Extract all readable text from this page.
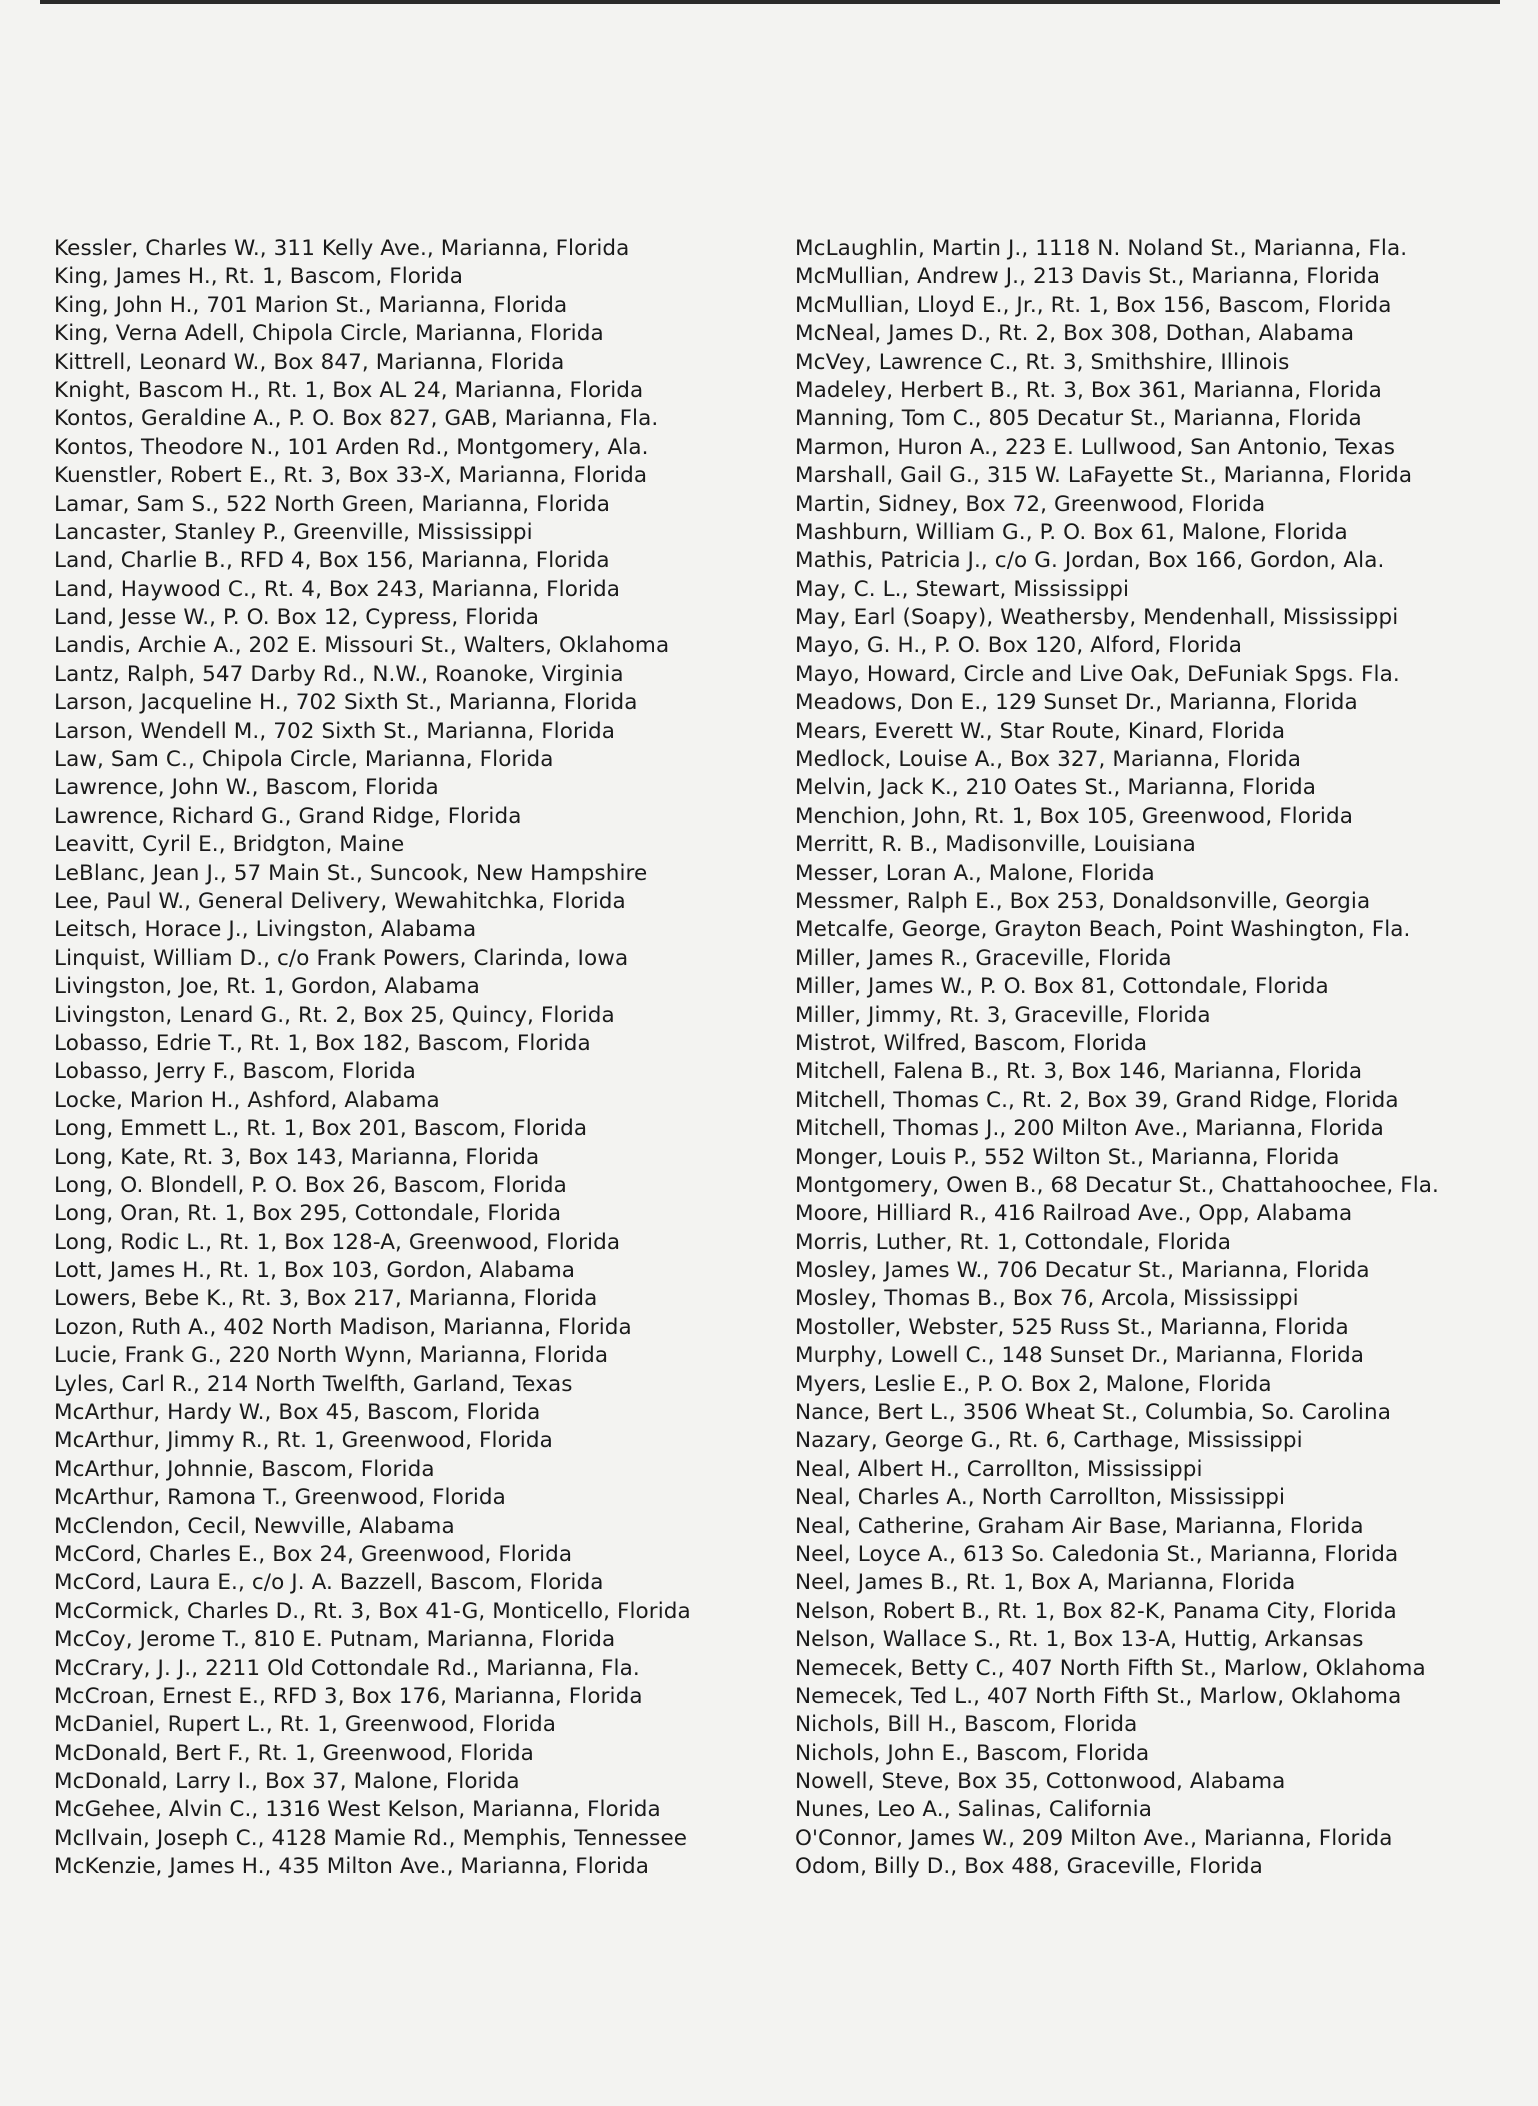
Kessler, Charles W., 311 Kelly Ave., Marianna, Florida
King, James H., Rt. 1, Bascom, Florida
King, John H., 701 Marion St., Marianna, Florida
King, Verna Adell, Chipola Circle, Marianna, Florida
Kittrell, Leonard W., Box 847, Marianna, Florida
Knight, Bascom H., Rt. 1, Box AL 24, Marianna, Florida
Kontos, Geraldine A., P. O. Box 827, GAB, Marianna, Fla.
Kontos, Theodore N., 101 Arden Rd., Montgomery, Ala.
Kuenstler, Robert E., Rt. 3, Box 33-X, Marianna, Florida
Lamar, Sam S., 522 North Green, Marianna, Florida
Lancaster, Stanley P., Greenville, Mississippi
Land, Charlie B., RFD 4, Box 156, Marianna, Florida
Land, Haywood C., Rt. 4, Box 243, Marianna, Florida
Land, Jesse W., P. O. Box 12, Cypress, Florida
Landis, Archie A., 202 E. Missouri St., Walters, Oklahoma
Lantz, Ralph, 547 Darby Rd., N.W., Roanoke, Virginia
Larson, Jacqueline H., 702 Sixth St., Marianna, Florida
Larson, Wendell M., 702 Sixth St., Marianna, Florida
Law, Sam C., Chipola Circle, Marianna, Florida
Lawrence, John W., Bascom, Florida
Lawrence, Richard G., Grand Ridge, Florida
Leavitt, Cyril E., Bridgton, Maine
LeBlanc, Jean J., 57 Main St., Suncook, New Hampshire
Lee, Paul W., General Delivery, Wewahitchka, Florida
Leitsch, Horace J., Livingston, Alabama
Linquist, William D., c/o Frank Powers, Clarinda, Iowa
Livingston, Joe, Rt. 1, Gordon, Alabama
Livingston, Lenard G., Rt. 2, Box 25, Quincy, Florida
Lobasso, Edrie T., Rt. 1, Box 182, Bascom, Florida
Lobasso, Jerry F., Bascom, Florida
Locke, Marion H., Ashford, Alabama
Long, Emmett L., Rt. 1, Box 201, Bascom, Florida
Long, Kate, Rt. 3, Box 143, Marianna, Florida
Long, O. Blondell, P. O. Box 26, Bascom, Florida
Long, Oran, Rt. 1, Box 295, Cottondale, Florida
Long, Rodic L., Rt. 1, Box 128-A, Greenwood, Florida
Lott, James H., Rt. 1, Box 103, Gordon, Alabama
Lowers, Bebe K., Rt. 3, Box 217, Marianna, Florida
Lozon, Ruth A., 402 North Madison, Marianna, Florida
Lucie, Frank G., 220 North Wynn, Marianna, Florida
Lyles, Carl R., 214 North Twelfth, Garland, Texas
McArthur, Hardy W., Box 45, Bascom, Florida
McArthur, Jimmy R., Rt. 1, Greenwood, Florida
McArthur, Johnnie, Bascom, Florida
McArthur, Ramona T., Greenwood, Florida
McClendon, Cecil, Newville, Alabama
McCord, Charles E., Box 24, Greenwood, Florida
McCord, Laura E., c/o J. A. Bazzell, Bascom, Florida
McCormick, Charles D., Rt. 3, Box 41-G, Monticello, Florida
McCoy, Jerome T., 810 E. Putnam, Marianna, Florida
McCrary, J. J., 2211 Old Cottondale Rd., Marianna, Fla.
McCroan, Ernest E., RFD 3, Box 176, Marianna, Florida
McDaniel, Rupert L., Rt. 1, Greenwood, Florida
McDonald, Bert F., Rt. 1, Greenwood, Florida
McDonald, Larry I., Box 37, Malone, Florida
McGehee, Alvin C., 1316 West Kelson, Marianna, Florida
McIlvain, Joseph C., 4128 Mamie Rd., Memphis, Tennessee
McKenzie, James H., 435 Milton Ave., Marianna, Florida
McLaughlin, Martin J., 1118 N. Noland St., Marianna, Fla.
McMullian, Andrew J., 213 Davis St., Marianna, Florida
McMullian, Lloyd E., Jr., Rt. 1, Box 156, Bascom, Florida
McNeal, James D., Rt. 2, Box 308, Dothan, Alabama
McVey, Lawrence C., Rt. 3, Smithshire, Illinois
Madeley, Herbert B., Rt. 3, Box 361, Marianna, Florida
Manning, Tom C., 805 Decatur St., Marianna, Florida
Marmon, Huron A., 223 E. Lullwood, San Antonio, Texas
Marshall, Gail G., 315 W. LaFayette St., Marianna, Florida
Martin, Sidney, Box 72, Greenwood, Florida
Mashburn, William G., P. O. Box 61, Malone, Florida
Mathis, Patricia J., c/o G. Jordan, Box 166, Gordon, Ala.
May, C. L., Stewart, Mississippi
May, Earl (Soapy), Weathersby, Mendenhall, Mississippi
Mayo, G. H., P. O. Box 120, Alford, Florida
Mayo, Howard, Circle and Live Oak, DeFuniak Spgs. Fla.
Meadows, Don E., 129 Sunset Dr., Marianna, Florida
Mears, Everett W., Star Route, Kinard, Florida
Medlock, Louise A., Box 327, Marianna, Florida
Melvin, Jack K., 210 Oates St., Marianna, Florida
Menchion, John, Rt. 1, Box 105, Greenwood, Florida
Merritt, R. B., Madisonville, Louisiana
Messer, Loran A., Malone, Florida
Messmer, Ralph E., Box 253, Donaldsonville, Georgia
Metcalfe, George, Grayton Beach, Point Washington, Fla.
Miller, James R., Graceville, Florida
Miller, James W., P. O. Box 81, Cottondale, Florida
Miller, Jimmy, Rt. 3, Graceville, Florida
Mistrot, Wilfred, Bascom, Florida
Mitchell, Falena B., Rt. 3, Box 146, Marianna, Florida
Mitchell, Thomas C., Rt. 2, Box 39, Grand Ridge, Florida
Mitchell, Thomas J., 200 Milton Ave., Marianna, Florida
Monger, Louis P., 552 Wilton St., Marianna, Florida
Montgomery, Owen B., 68 Decatur St., Chattahoochee, Fla.
Moore, Hilliard R., 416 Railroad Ave., Opp, Alabama
Morris, Luther, Rt. 1, Cottondale, Florida
Mosley, James W., 706 Decatur St., Marianna, Florida
Mosley, Thomas B., Box 76, Arcola, Mississippi
Mostoller, Webster, 525 Russ St., Marianna, Florida
Murphy, Lowell C., 148 Sunset Dr., Marianna, Florida
Myers, Leslie E., P. O. Box 2, Malone, Florida
Nance, Bert L., 3506 Wheat St., Columbia, So. Carolina
Nazary, George G., Rt. 6, Carthage, Mississippi
Neal, Albert H., Carrollton, Mississippi
Neal, Charles A., North Carrollton, Mississippi
Neal, Catherine, Graham Air Base, Marianna, Florida
Neel, Loyce A., 613 So. Caledonia St., Marianna, Florida
Neel, James B., Rt. 1, Box A, Marianna, Florida
Nelson, Robert B., Rt. 1, Box 82-K, Panama City, Florida
Nelson, Wallace S., Rt. 1, Box 13-A, Huttig, Arkansas
Nemecek, Betty C., 407 North Fifth St., Marlow, Oklahoma
Nemecek, Ted L., 407 North Fifth St., Marlow, Oklahoma
Nichols, Bill H., Bascom, Florida
Nichols, John E., Bascom, Florida
Nowell, Steve, Box 35, Cottonwood, Alabama
Nunes, Leo A., Salinas, California
O'Connor, James W., 209 Milton Ave., Marianna, Florida
Odom, Billy D., Box 488, Graceville, Florida
